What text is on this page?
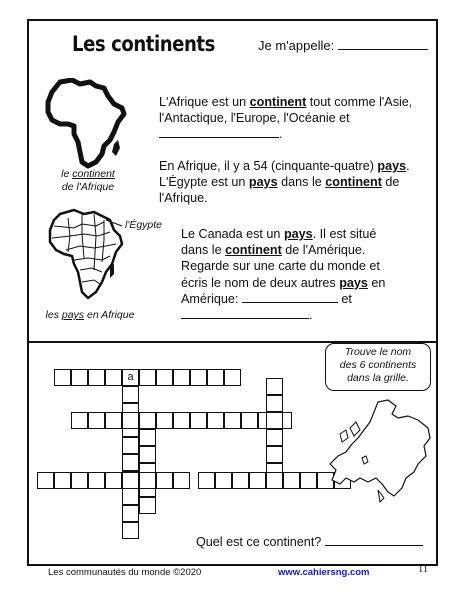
Les continents	Je m'appelle:
le continent
de l'Afrique
l'Égypte
les pays en Afrique

L'Afrique est un continent tout comme l'Asie,

l'Antactique, l'Europe, l'Océanie et

.

En Afrique, il y a 54 (cinquante-quatre) pays.

L'Égypte est un pays dans le continent de

l'Afrique.

Le Canada est un pays. Il est situé

dans le continent de l'Amérique.

Regarde sur une carte du monde et

écris le nom de deux autres pays en

Amérique:	et

.

Trouve le nom
des 6 continents
dans la grille.
a
Quel est ce continent?
Les communautés du monde ©2020	www.cahiersng.com	11
